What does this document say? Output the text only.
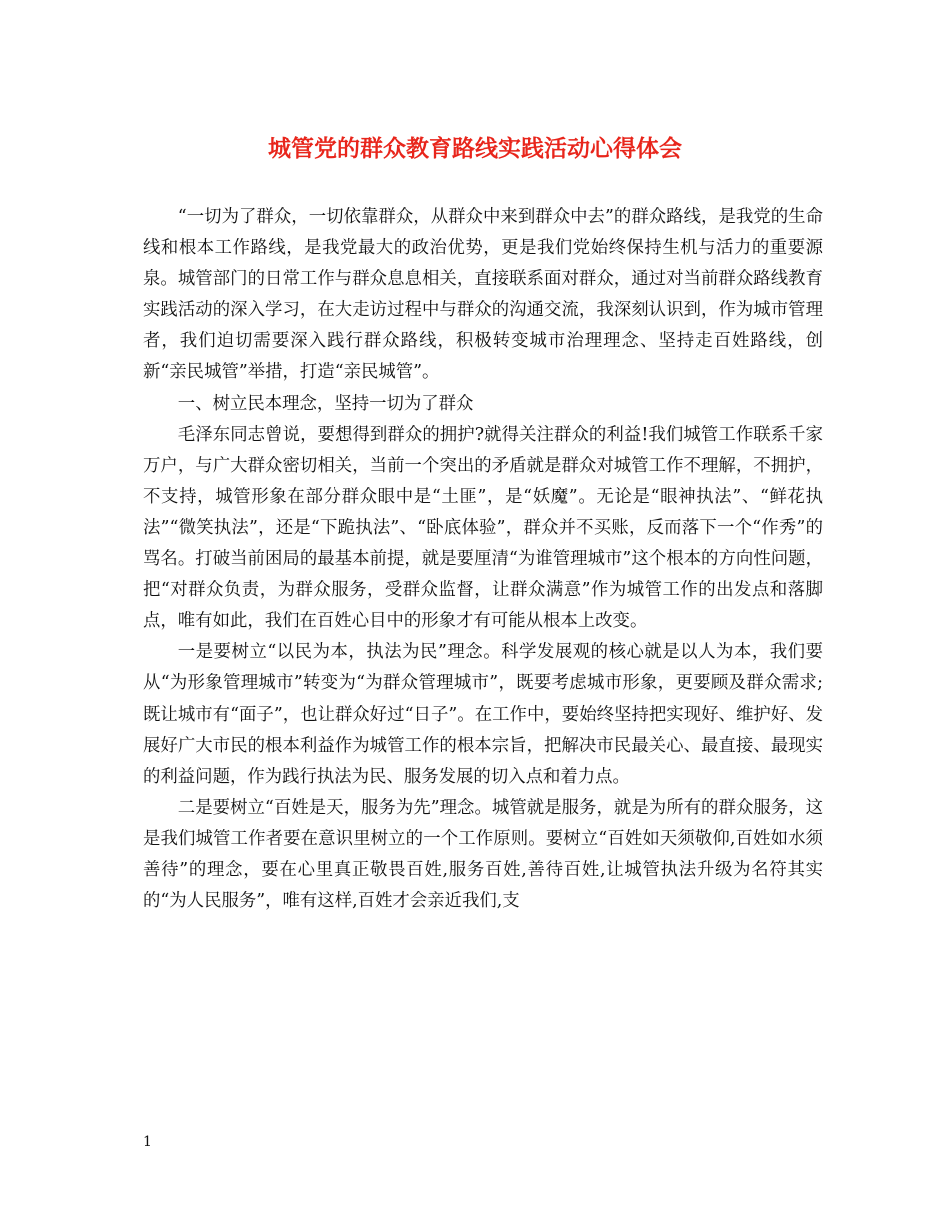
城管党的群众教育路线实践活动心得体会

“一切为了群众，一切依靠群众，从群众中来到群众中去”的群众路线，是我党的生命线和根本工作路线，是我党最大的政治优势，更是我们党始终保持生机与活力的重要源泉。城管部门的日常工作与群众息息相关，直接联系面对群众，通过对当前群众路线教育实践活动的深入学习，在大走访过程中与群众的沟通交流，我深刻认识到，作为城市管理者，我们迫切需要深入践行群众路线，积极转变城市治理理念、坚持走百姓路线，创新“亲民城管”举措，打造“亲民城管”。

一、树立民本理念，坚持一切为了群众

毛泽东同志曾说，要想得到群众的拥护?就得关注群众的利益!我们城管工作联系千家万户，与广大群众密切相关，当前一个突出的矛盾就是群众对城管工作不理解，不拥护，不支持，城管形象在部分群众眼中是“土匪”，是“妖魔”。无论是“眼神执法”、“鲜花执法”“微笑执法”，还是“下跪执法”、“卧底体验”，群众并不买账，反而落下一个“作秀”的骂名。打破当前困局的最基本前提，就是要厘清“为谁管理城市”这个根本的方向性问题，把“对群众负责，为群众服务，受群众监督，让群众满意”作为城管工作的出发点和落脚点，唯有如此，我们在百姓心目中的形象才有可能从根本上改变。

一是要树立“以民为本，执法为民”理念。科学发展观的核心就是以人为本，我们要从“为形象管理城市”转变为“为群众管理城市”，既要考虑城市形象，更要顾及群众需求;既让城市有“面子”，也让群众好过“日子”。在工作中，要始终坚持把实现好、维护好、发展好广大市民的根本利益作为城管工作的根本宗旨，把解决市民最关心、最直接、最现实的利益问题，作为践行执法为民、服务发展的切入点和着力点。

二是要树立“百姓是天，服务为先”理念。城管就是服务，就是为所有的群众服务，这是我们城管工作者要在意识里树立的一个工作原则。要树立“百姓如天须敬仰,百姓如水须善待”的理念，要在心里真正敬畏百姓,服务百姓,善待百姓,让城管执法升级为名符其实的“为人民服务”，唯有这样,百姓才会亲近我们,支

1
